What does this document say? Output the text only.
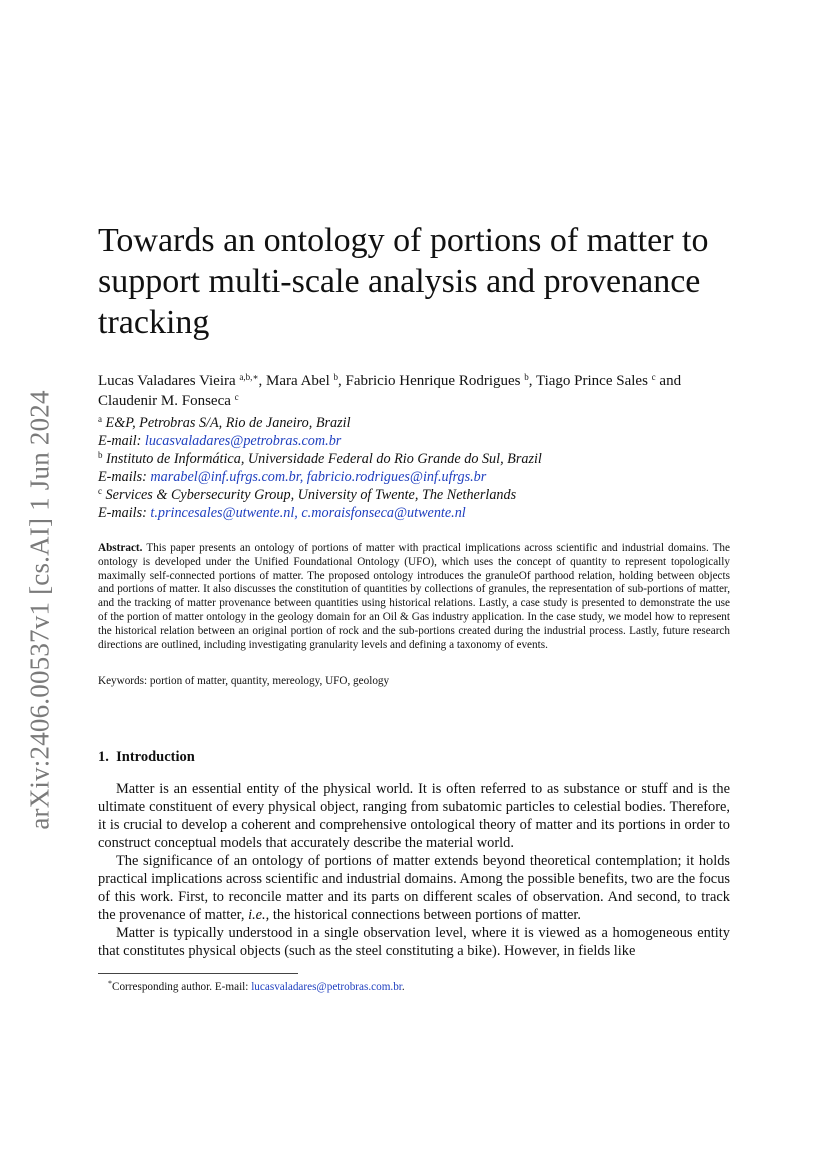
arXiv:2406.00537v1 [cs.AI] 1 Jun 2024
Towards an ontology of portions of matter to support multi-scale analysis and provenance tracking
Lucas Valadares Vieira $^{a,b,∗}$, Mara Abel $^b$, Fabricio Henrique Rodrigues $^b$, Tiago Prince Sales $^c$ and Claudenir M. Fonseca $^c$
$^a$ E&P, Petrobras S/A, Rio de Janeiro, Brazil
E-mail: lucasvaladares@petrobras.com.br
$^b$ Instituto de Informática, Universidade Federal do Rio Grande do Sul, Brazil
E-mails: marabel@inf.ufrgs.com.br, fabricio.rodrigues@inf.ufrgs.br
$^c$ Services & Cybersecurity Group, University of Twente, The Netherlands
E-mails: t.princesales@utwente.nl, c.moraisfonseca@utwente.nl
Abstract. This paper presents an ontology of portions of matter with practical implications across scientific and industrial domains. The ontology is developed under the Unified Foundational Ontology (UFO), which uses the concept of quantity to represent topologically maximally self-connected portions of matter. The proposed ontology introduces the granuleOf parthood relation, holding between objects and portions of matter. It also discusses the constitution of quantities by collections of granules, the representation of sub-portions of matter, and the tracking of matter provenance between quantities using historical relations. Lastly, a case study is presented to demonstrate the use of the portion of matter ontology in the geology domain for an Oil & Gas industry application. In the case study, we model how to represent the historical relation between an original portion of rock and the sub-portions created during the industrial process. Lastly, future research directions are outlined, including investigating granularity levels and defining a taxonomy of events.
Keywords: portion of matter, quantity, mereology, UFO, geology
1. Introduction

Matter is an essential entity of the physical world. It is often referred to as substance or stuff and is the ultimate constituent of every physical object, ranging from subatomic particles to celestial bodies. Therefore, it is crucial to develop a coherent and comprehensive ontological theory of matter and its portions in order to construct conceptual models that accurately describe the material world.

The significance of an ontology of portions of matter extends beyond theoretical contemplation; it holds practical implications across scientific and industrial domains. Among the possible benefits, two are the focus of this work. First, to reconcile matter and its parts on different scales of observation. And second, to track the provenance of matter, i.e., the historical connections between portions of matter.

Matter is typically understood in a single observation level, where it is viewed as a homogeneous entity that constitutes physical objects (such as the steel constituting a bike). However, in fields like

*Corresponding author. E-mail: lucasvaladares@petrobras.com.br.
